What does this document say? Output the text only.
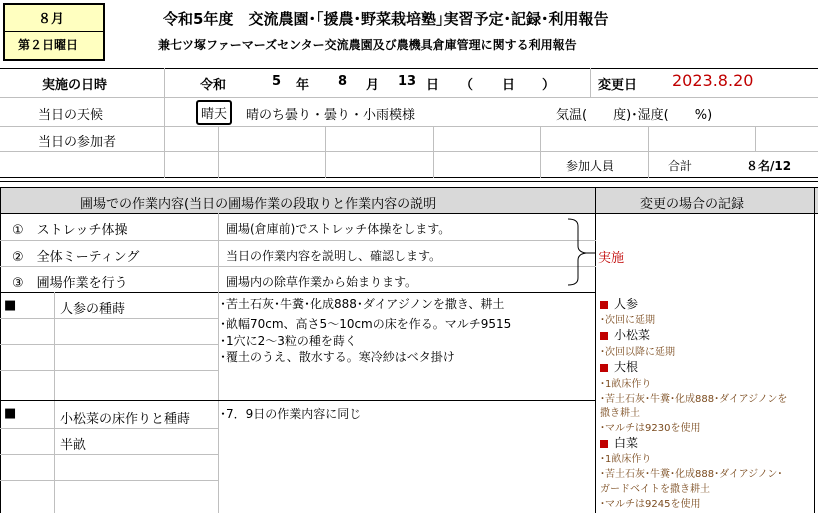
８月
第２日曜日
令和5年度　交流農園･｢援農･野菜栽培塾｣実習予定･記録･利用報告
兼七ツ塚ファーマーズセンター交流農園及び農機具倉庫管理に関する利用報告
実施の日時	令和	5 年 8 月 13 日 （ 日 ）	変更日 2023.8.20
当日の天候	晴天	晴のち曇り・曇り・小雨模様	気温(　　度)･湿度(　　%)
当日の参加者
参加人員	合計	８名/12
圃場での作業内容(当日の圃場作業の段取りと作業内容の説明	変更の場合の記録
①　ストレッチ体操	圃場(倉庫前)でストレッチ体操をします。
②　全体ミーティング	当日の作業内容を説明し、確認します。
③　圃場作業を行う	圃場内の除草作業から始まります。
実施
■	人参の種蒔	･苦土石灰･牛糞･化成888･ダイアジノンを撒き、耕土
･畝幅70cm、高さ5～10cmの床を作る。マルチ9515
･1穴に2～3粒の種を蒔く
･覆土のうえ、散水する。寒冷紗はベタ掛け
■	小松菜の床作りと種蒔
半畝
･7．9日の作業内容に同じ
人参
･次回に延期
小松菜
･次回以降に延期
大根
･1畝床作り
･苦土石灰･牛糞･化成888･ダイアジノンを
撒き耕土
･マルチは9230を使用
白菜
･1畝床作り
･苦土石灰･牛糞･化成888･ダイアジノン･
ガードベイトを撒き耕土
･マルチは9245を使用
